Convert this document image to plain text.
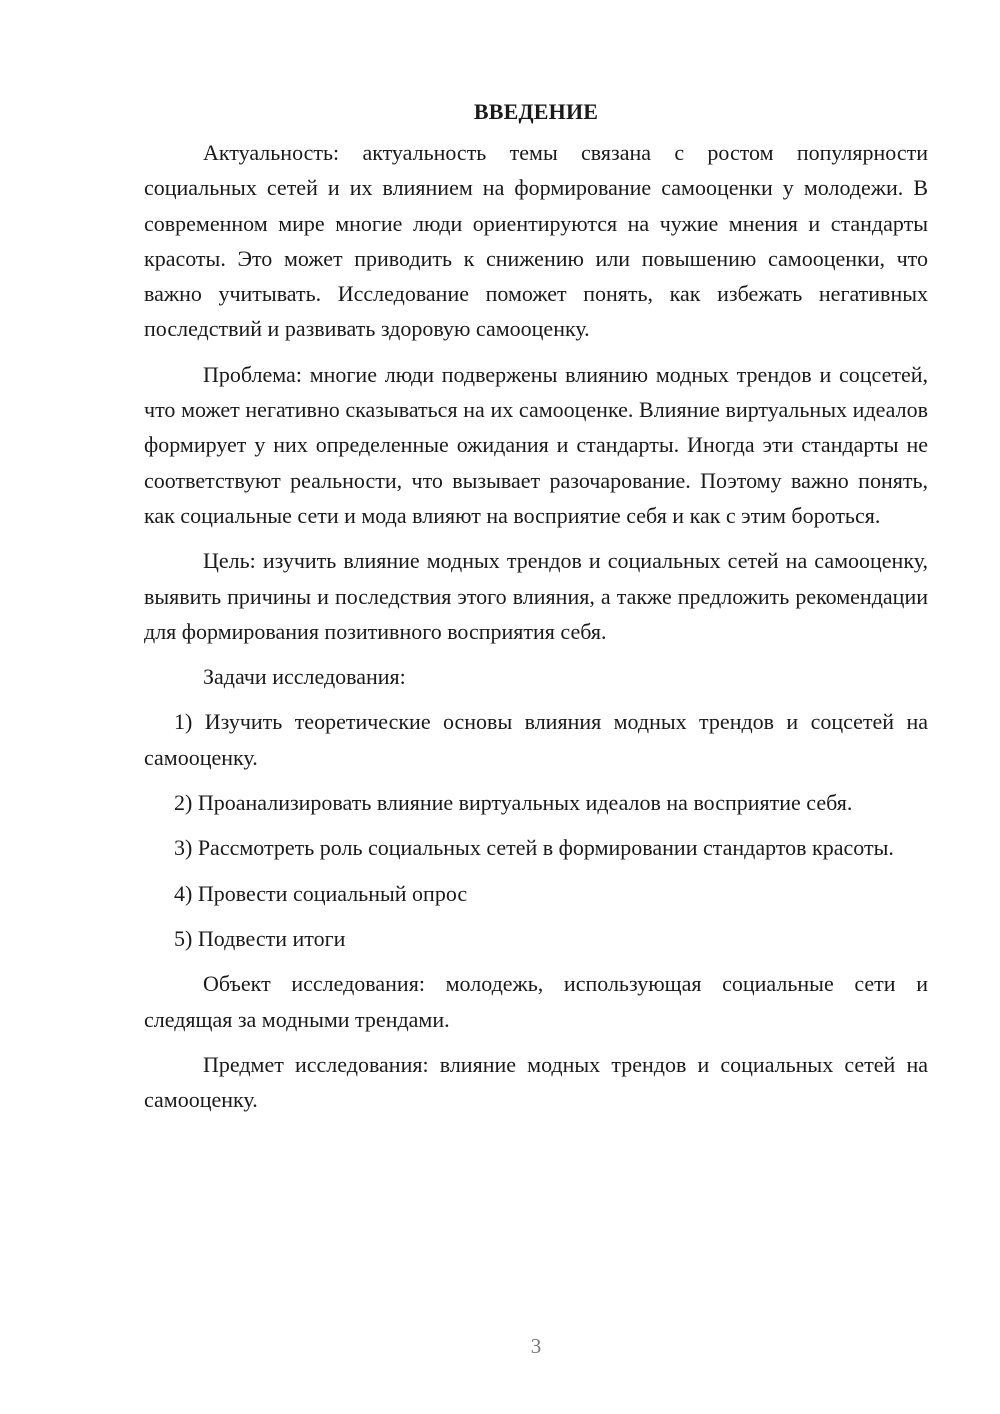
ВВЕДЕНИЕ

Актуальность: актуальность темы связана с ростом популярности социальных сетей и их влиянием на формирование самооценки у молодежи. В современном мире многие люди ориентируются на чужие мнения и стандарты красоты. Это может приводить к снижению или повышению самооценки, что важно учитывать. Исследование поможет понять, как избежать негативных последствий и развивать здоровую самооценку.

Проблема: многие люди подвержены влиянию модных трендов и соцсетей, что может негативно сказываться на их самооценке. Влияние виртуальных идеалов формирует у них определенные ожидания и стандарты. Иногда эти стандарты не соответствуют реальности, что вызывает разочарование. Поэтому важно понять, как социальные сети и мода влияют на восприятие себя и как с этим бороться.

Цель: изучить влияние модных трендов и социальных сетей на самооценку, выявить причины и последствия этого влияния, а также предложить рекомендации для формирования позитивного восприятия себя.

Задачи исследования:

1) Изучить теоретические основы влияния модных трендов и соцсетей на самооценку.

2) Проанализировать влияние виртуальных идеалов на восприятие себя.

3) Рассмотреть роль социальных сетей в формировании стандартов красоты.

4) Провести социальный опрос

5) Подвести итоги

Объект исследования: молодежь, использующая социальные сети и следящая за модными трендами.

Предмет исследования: влияние модных трендов и социальных сетей на самооценку.

3
